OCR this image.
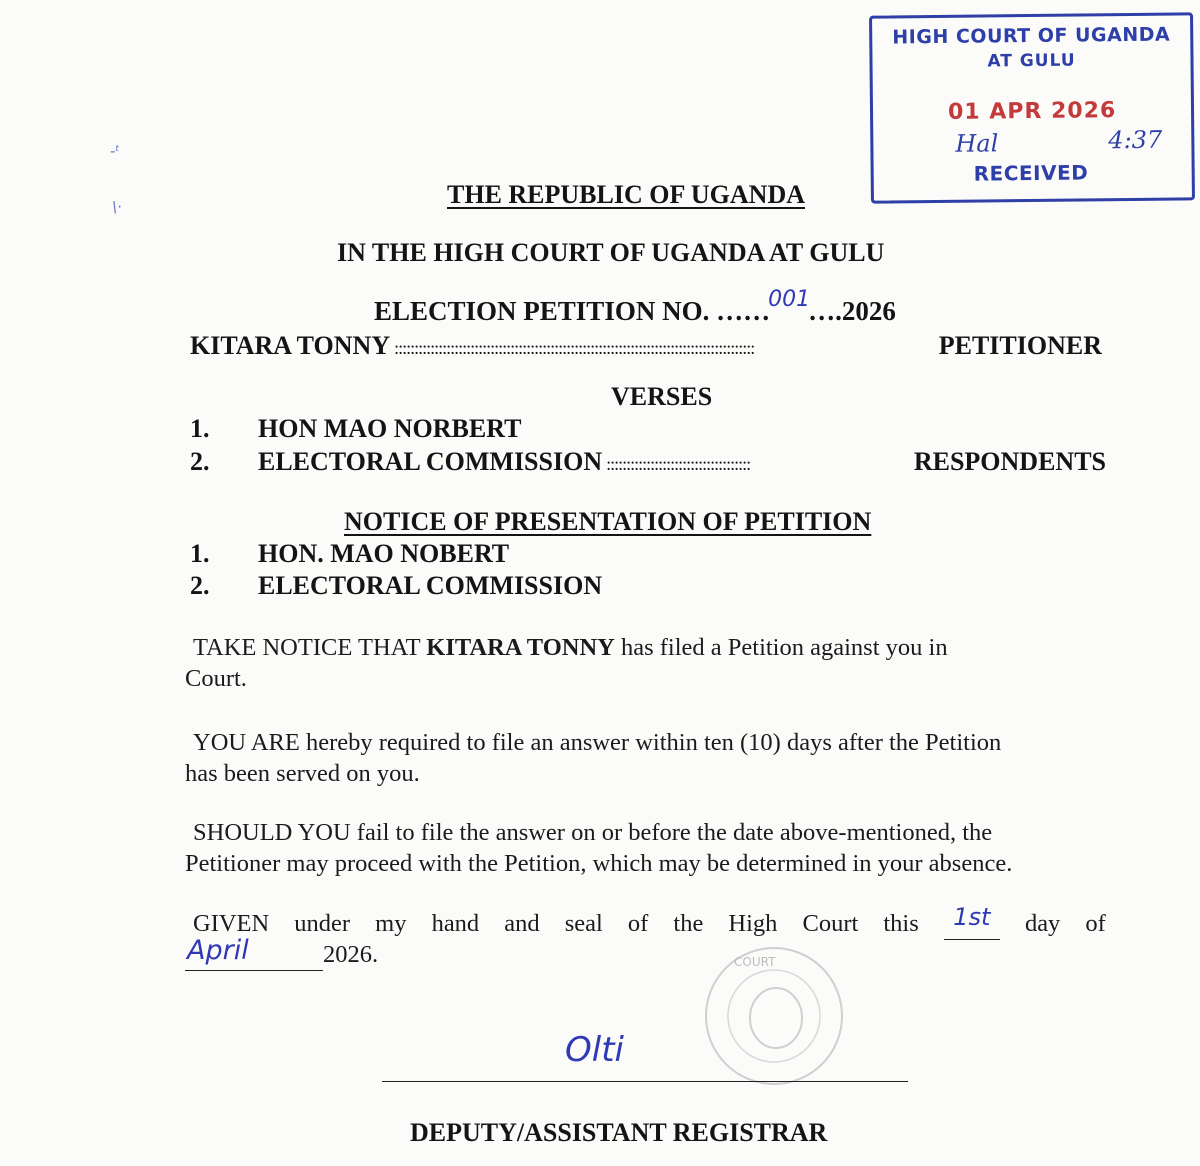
-ᵗ
\·
HIGH COURT OF UGANDA
AT GULU
01 APR 2026
Hal	4:37
RECEIVED
THE REPUBLIC OF UGANDA
IN THE HIGH COURT OF UGANDA AT GULU
ELECTION PETITION NO. ……$^{001}$….2026
KITARA TONNY ::::::::::::::::::::::::::::::::::::::::::::::::::::::::::::::::::::::::::::::::::::::::::	PETITIONER
VERSES
1. HON MAO NORBERT
2. ELECTORAL COMMISSION ::::::::::::::::::::::::::::::::::::	RESPONDENTS
NOTICE OF PRESENTATION OF PETITION
1. HON. MAO NOBERT
2. ELECTORAL COMMISSION
TAKE NOTICE THAT KITARA TONNY has filed a Petition against you in
Court.
YOU ARE hereby required to file an answer within ten (10) days after the Petition
has been served on you.
SHOULD YOU fail to file the answer on or before the date above-mentioned, the
Petitioner may proceed with the Petition, which may be determined in your absence.
GIVEN under my hand and seal of the High Court this	1st	day of
April	2026.	COURT
Olti
DEPUTY/ASSISTANT REGISTRAR
